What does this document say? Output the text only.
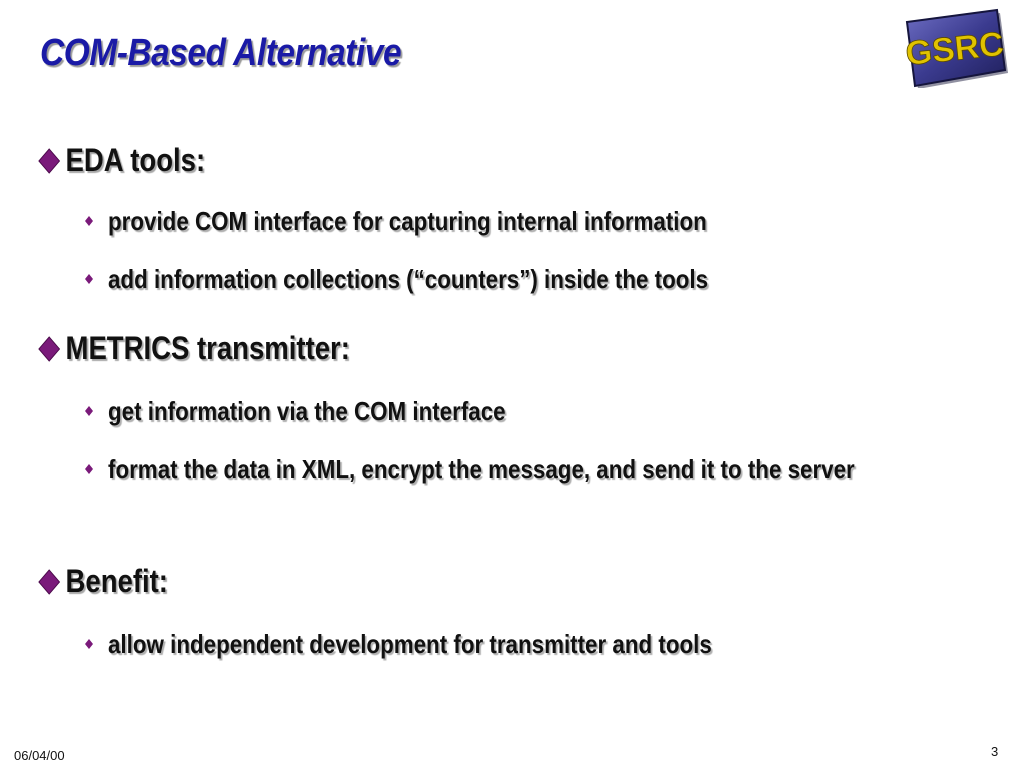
COM-Based Alternative	GSRC
EDA tools:
provide COM interface for capturing internal information
add information collections (“counters”) inside the tools
METRICS transmitter:
get information via the COM interface
format the data in XML, encrypt the message, and send it to the server
Benefit:
allow independent development for transmitter and tools
06/04/00	3
